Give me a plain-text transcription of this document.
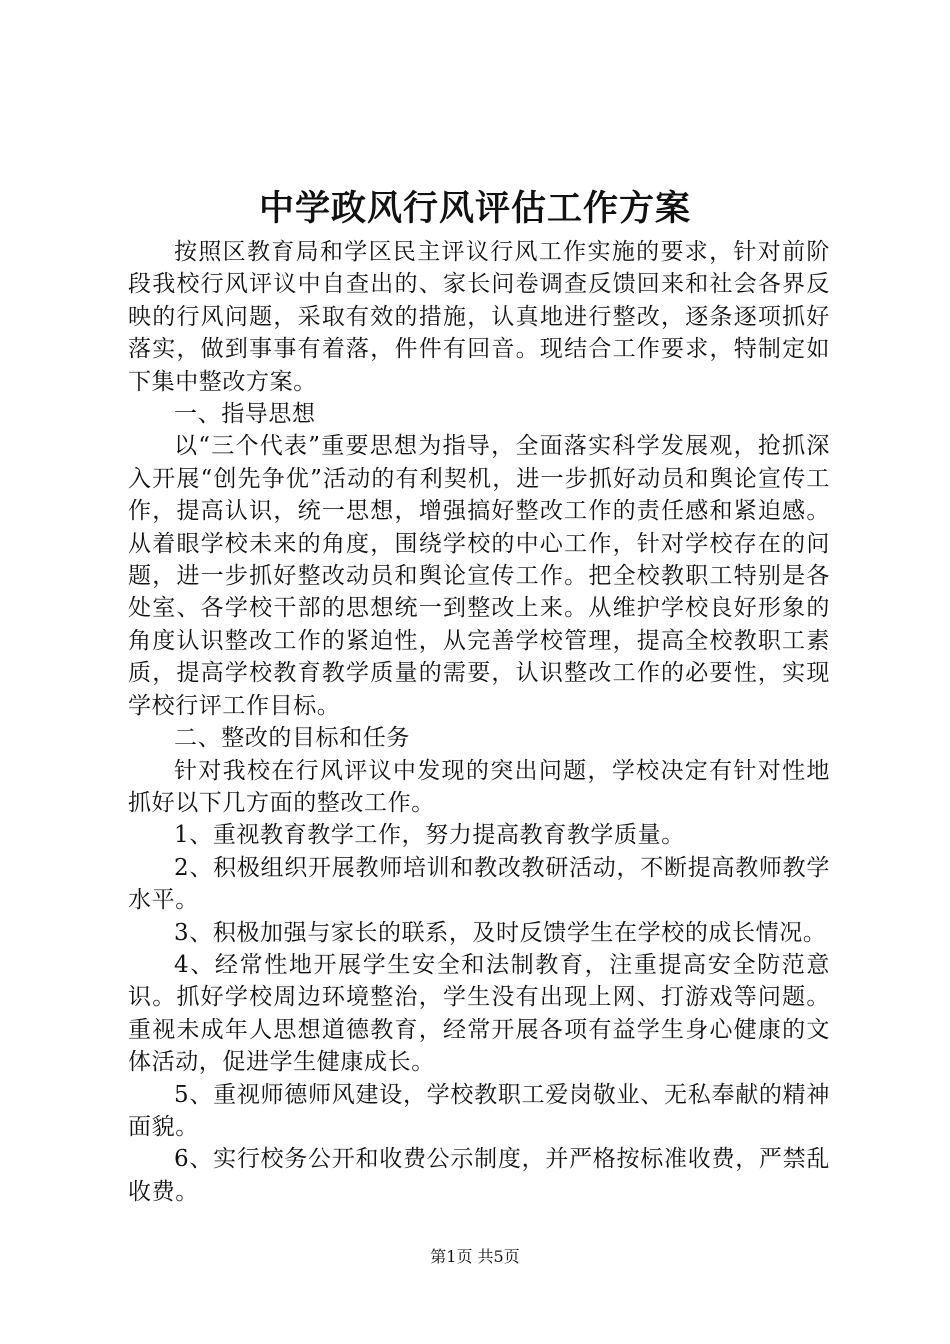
中学政风行风评估工作方案

按照区教育局和学区民主评议行风工作实施的要求，针对前阶段我校行风评议中自查出的、家长问卷调查反馈回来和社会各界反映的行风问题，采取有效的措施，认真地进行整改，逐条逐项抓好落实，做到事事有着落，件件有回音。现结合工作要求，特制定如下集中整改方案。

一、指导思想

以“三个代表”重要思想为指导，全面落实科学发展观，抢抓深入开展“创先争优”活动的有利契机，进一步抓好动员和舆论宣传工作，提高认识，统一思想，增强搞好整改工作的责任感和紧迫感。从着眼学校未来的角度，围绕学校的中心工作，针对学校存在的问题，进一步抓好整改动员和舆论宣传工作。把全校教职工特别是各处室、各学校干部的思想统一到整改上来。从维护学校良好形象的角度认识整改工作的紧迫性，从完善学校管理，提高全校教职工素质，提高学校教育教学质量的需要，认识整改工作的必要性，实现学校行评工作目标。

二、整改的目标和任务

针对我校在行风评议中发现的突出问题，学校决定有针对性地抓好以下几方面的整改工作。

1、重视教育教学工作，努力提高教育教学质量。

2、积极组织开展教师培训和教改教研活动，不断提高教师教学水平。

3、积极加强与家长的联系，及时反馈学生在学校的成长情况。

4、经常性地开展学生安全和法制教育，注重提高安全防范意识。抓好学校周边环境整治，学生没有出现上网、打游戏等问题。重视未成年人思想道德教育，经常开展各项有益学生身心健康的文体活动，促进学生健康成长。

5、重视师德师风建设，学校教职工爱岗敬业、无私奉献的精神面貌。

6、实行校务公开和收费公示制度，并严格按标准收费，严禁乱收费。

第1页 共5页
